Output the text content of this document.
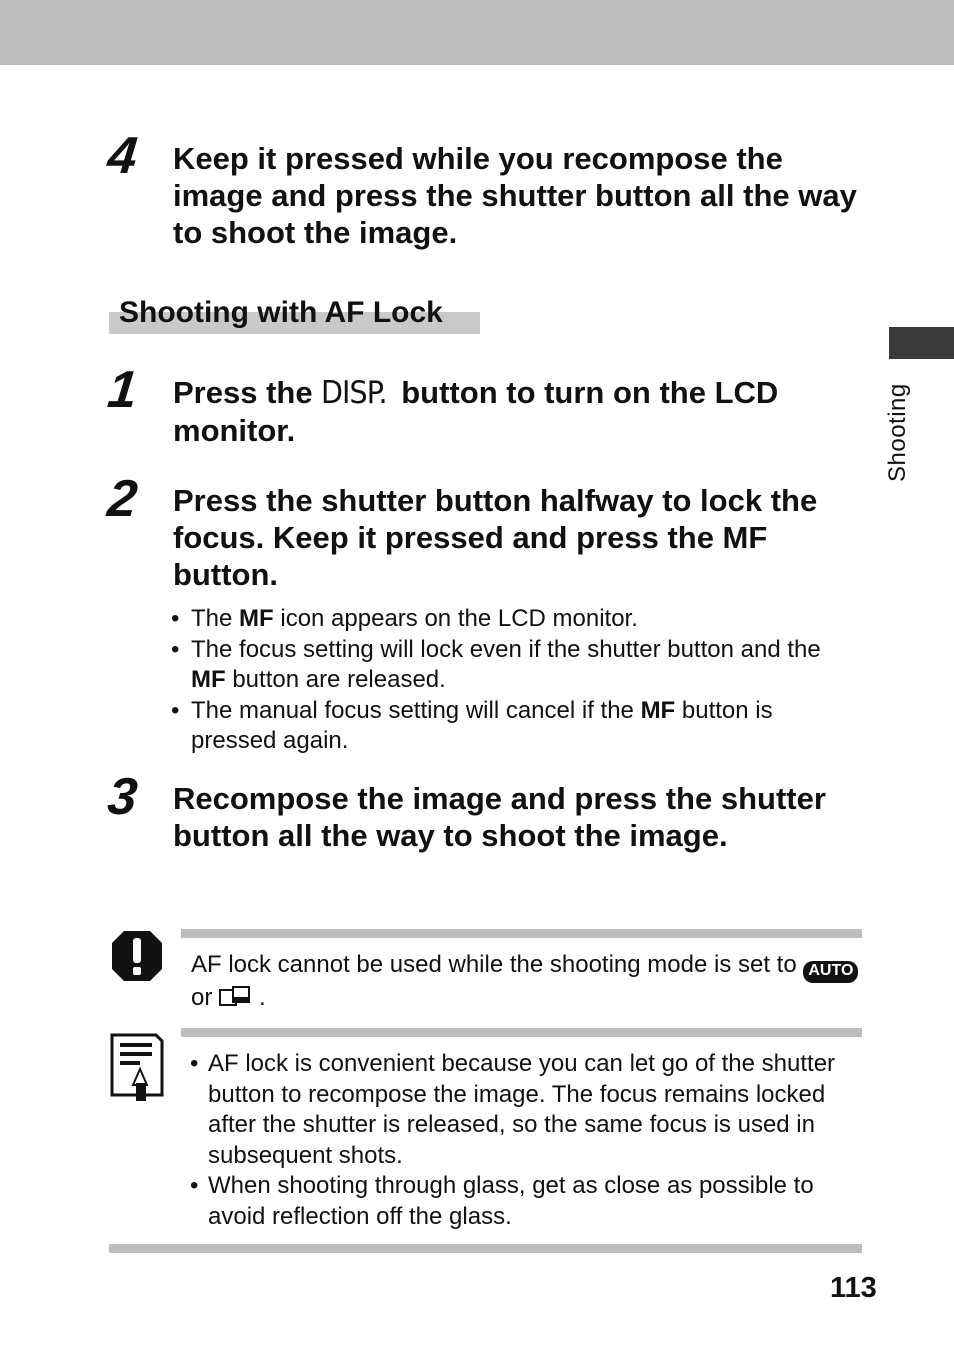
Shooting
4	Keep it pressed while you recompose the image and press the shutter button all the way to shoot the image.
Shooting with AF Lock
1	Press the DISP. button to turn on the LCD monitor.
2	Press the shutter button halfway to lock the focus. Keep it pressed and press the MF button.
• The MF icon appears on the LCD monitor.
• The focus setting will lock even if the shutter button and the MF button are released.
• The manual focus setting will cancel if the MF button is pressed again.
3	Recompose the image and press the shutter button all the way to shoot the image.
AF lock cannot be used while the shooting mode is set to AUTO or .
• AF lock is convenient because you can let go of the shutter button to recompose the image. The focus remains locked after the shutter is released, so the same focus is used in subsequent shots.
• When shooting through glass, get as close as possible to avoid reflection off the glass.
113
